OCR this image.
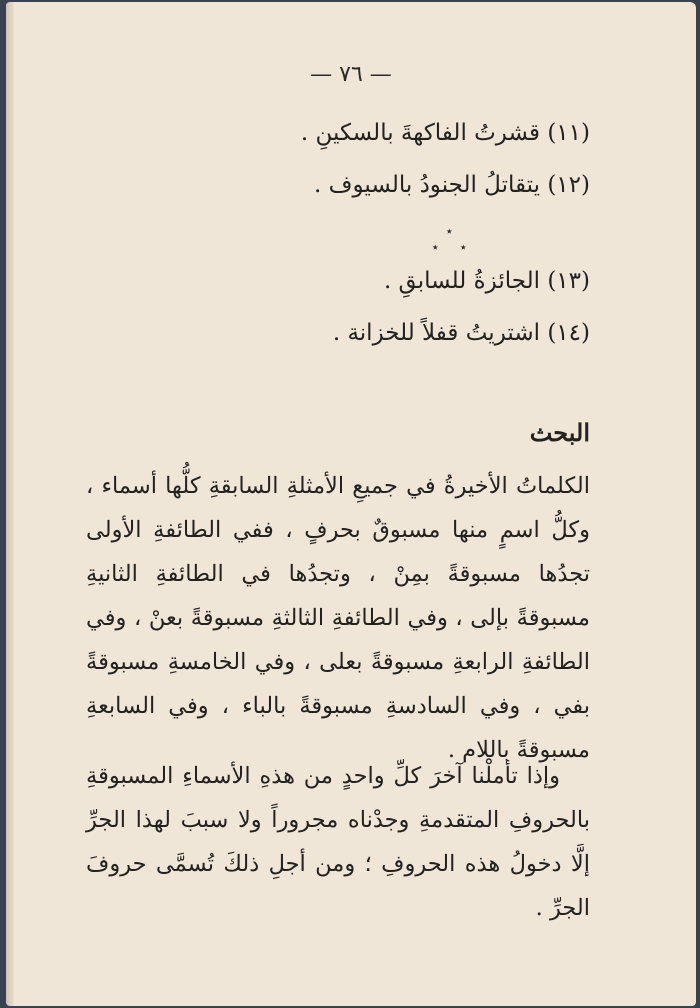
— ٧٦ —
(١١) قشرتُ الفاكهةَ بالسكينِ .
(١٢) يتقاتلُ الجنودُ بالسيوف .
٭
٭ ٭
(١٣) الجائزةُ للسابقِ .
(١٤) اشتريتُ قفلاً للخزانة .
البحث
الكلماتُ الأخيرةُ في جميعِ الأمثلةِ السابقةِ كلُّها أسماء ، وكلُّ اسمٍ منها مسبوقٌ بحرفٍ ، ففي الطائفةِ الأولى تجدُها مسبوقةً بمِنْ ، وتجدُها في الطائفةِ الثانيةِ مسبوقةً بإلى ، وفي الطائفةِ الثالثةِ مسبوقةً بعنْ ، وفي الطائفةِ الرابعةِ مسبوقةً بعلى ، وفي الخامسةِ مسبوقةً بفي ، وفي السادسةِ مسبوقةً بالباء ، وفي السابعةِ مسبوقةً باللام .
وإذا تأملْنا آخرَ كلِّ واحدٍ من هذهِ الأسماءِ المسبوقةِ بالحروفِ المتقدمةِ وجدْناه مجروراً ولا سببَ لهذا الجرِّ إلَّا دخولُ هذه الحروفِ ؛ ومن أجلِ ذلكَ تُسمَّى حروفَ الجرِّ .
